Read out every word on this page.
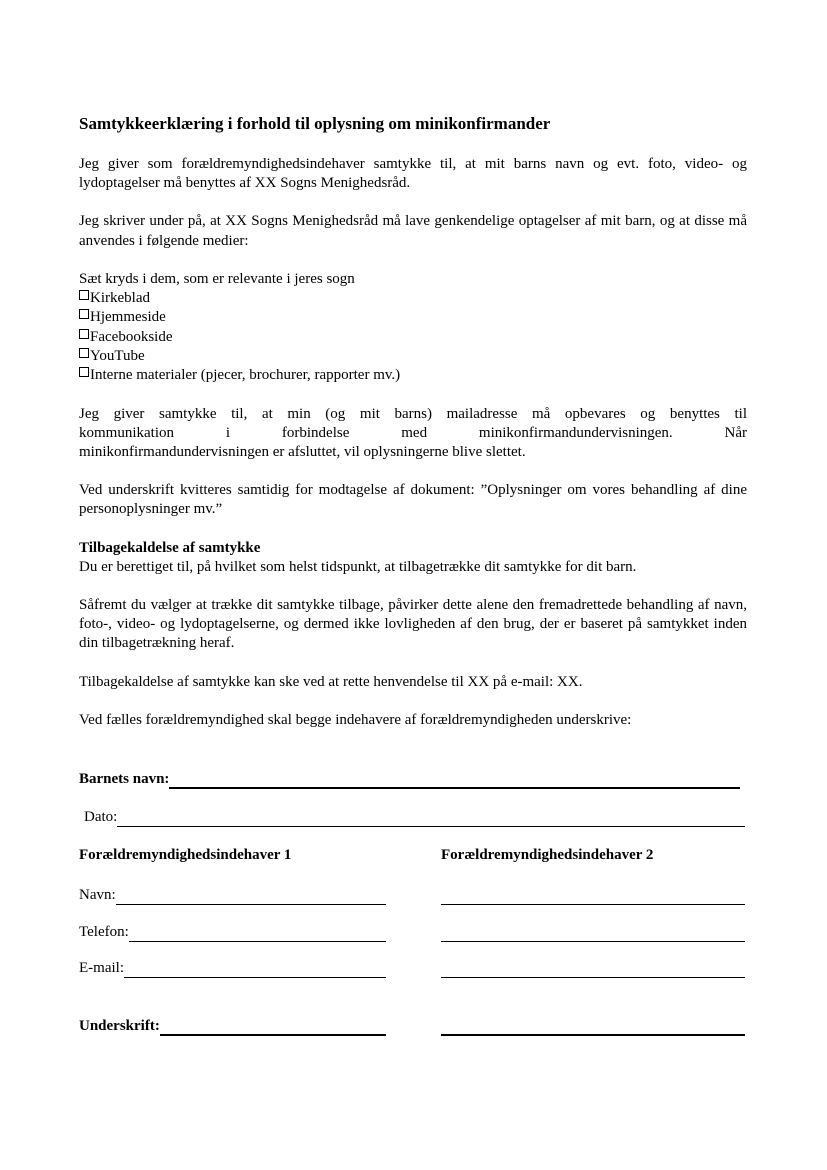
Samtykkeerklæring i forhold til oplysning om minikonfirmander

Jeg giver som forældremyndighedsindehaver samtykke til, at mit barns navn og evt. foto, video- og lydoptagelser må benyttes af XX Sogns Menighedsråd.

Jeg skriver under på, at XX Sogns Menighedsråd må lave genkendelige optagelser af mit barn, og at disse må anvendes i følgende medier:

Sæt kryds i dem, som er relevante i jeres sogn
Kirkeblad
Hjemmeside
Facebookside
YouTube
Interne materialer (pjecer, brochurer, rapporter mv.)
Jeg giver samtykke til, at min (og mit barns) mailadresse må opbevares og benyttes til
kommunikation i forbindelse med minikonfirmandundervisningen. Når
minikonfirmandundervisningen er afsluttet, vil oplysningerne blive slettet.

Ved underskrift kvitteres samtidig for modtagelse af dokument: ”Oplysninger om vores behandling af dine personoplysninger mv.”

Tilbagekaldelse af samtykke
Du er berettiget til, på hvilket som helst tidspunkt, at tilbagetrække dit samtykke for dit barn.

Såfremt du vælger at trække dit samtykke tilbage, påvirker dette alene den fremadrettede behandling af navn, foto-, video- og lydoptagelserne, og dermed ikke lovligheden af den brug, der er baseret på samtykket inden din tilbagetrækning heraf.

Tilbagekaldelse af samtykke kan ske ved at rette henvendelse til XX på e-mail: XX.

Ved fælles forældremyndighed skal begge indehavere af forældremyndigheden underskrive:

Barnets navn:
Dato:
Forældremyndighedsindehaver 1	Forældremyndighedsindehaver 2
Navn:
Telefon:
E-mail:
Underskrift:
